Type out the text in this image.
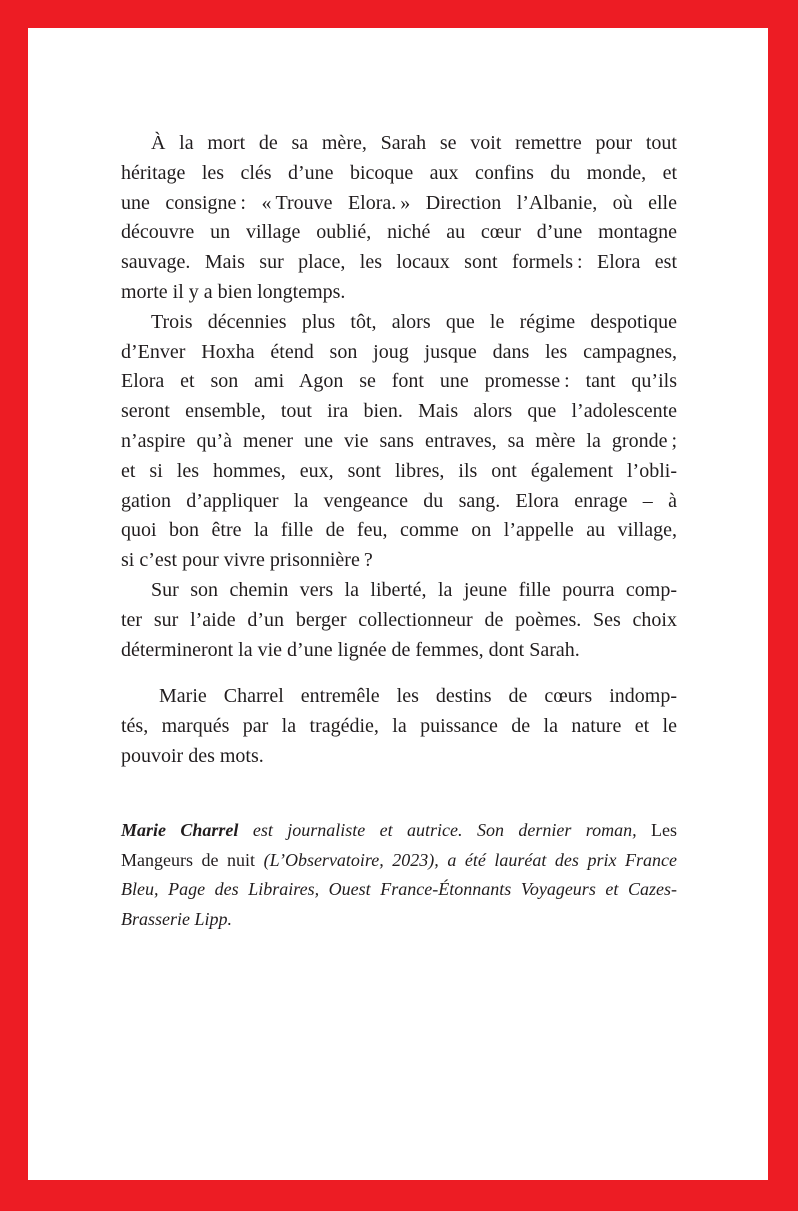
À la mort de sa mère, Sarah se voit remettre pour tout
héritage les clés d’une bicoque aux confins du monde, et
une consigne : « Trouve Elora. » Direction l’Albanie, où elle
découvre un village oublié, niché au cœur d’une montagne
sauvage. Mais sur place, les locaux sont formels : Elora est
morte il y a bien longtemps.
Trois décennies plus tôt, alors que le régime despotique
d’Enver Hoxha étend son joug jusque dans les campagnes,
Elora et son ami Agon se font une promesse : tant qu’ils
seront ensemble, tout ira bien. Mais alors que l’adolescente
n’aspire qu’à mener une vie sans entraves, sa mère la gronde ;
et si les hommes, eux, sont libres, ils ont également l’obli-
gation d’appliquer la vengeance du sang. Elora enrage – à
quoi bon être la fille de feu, comme on l’appelle au village,
si c’est pour vivre prisonnière ?
Sur son chemin vers la liberté, la jeune fille pourra comp-
ter sur l’aide d’un berger collectionneur de poèmes. Ses choix
détermineront la vie d’une lignée de femmes, dont Sarah.
Marie Charrel entremêle les destins de cœurs indomp-
tés, marqués par la tragédie, la puissance de la nature et le
pouvoir des mots.
Marie Charrel est journaliste et autrice. Son dernier roman, Les
Mangeurs de nuit (L’Observatoire, 2023), a été lauréat des prix France
Bleu, Page des Libraires, Ouest France-Étonnants Voyageurs et Cazes-
Brasserie Lipp.
